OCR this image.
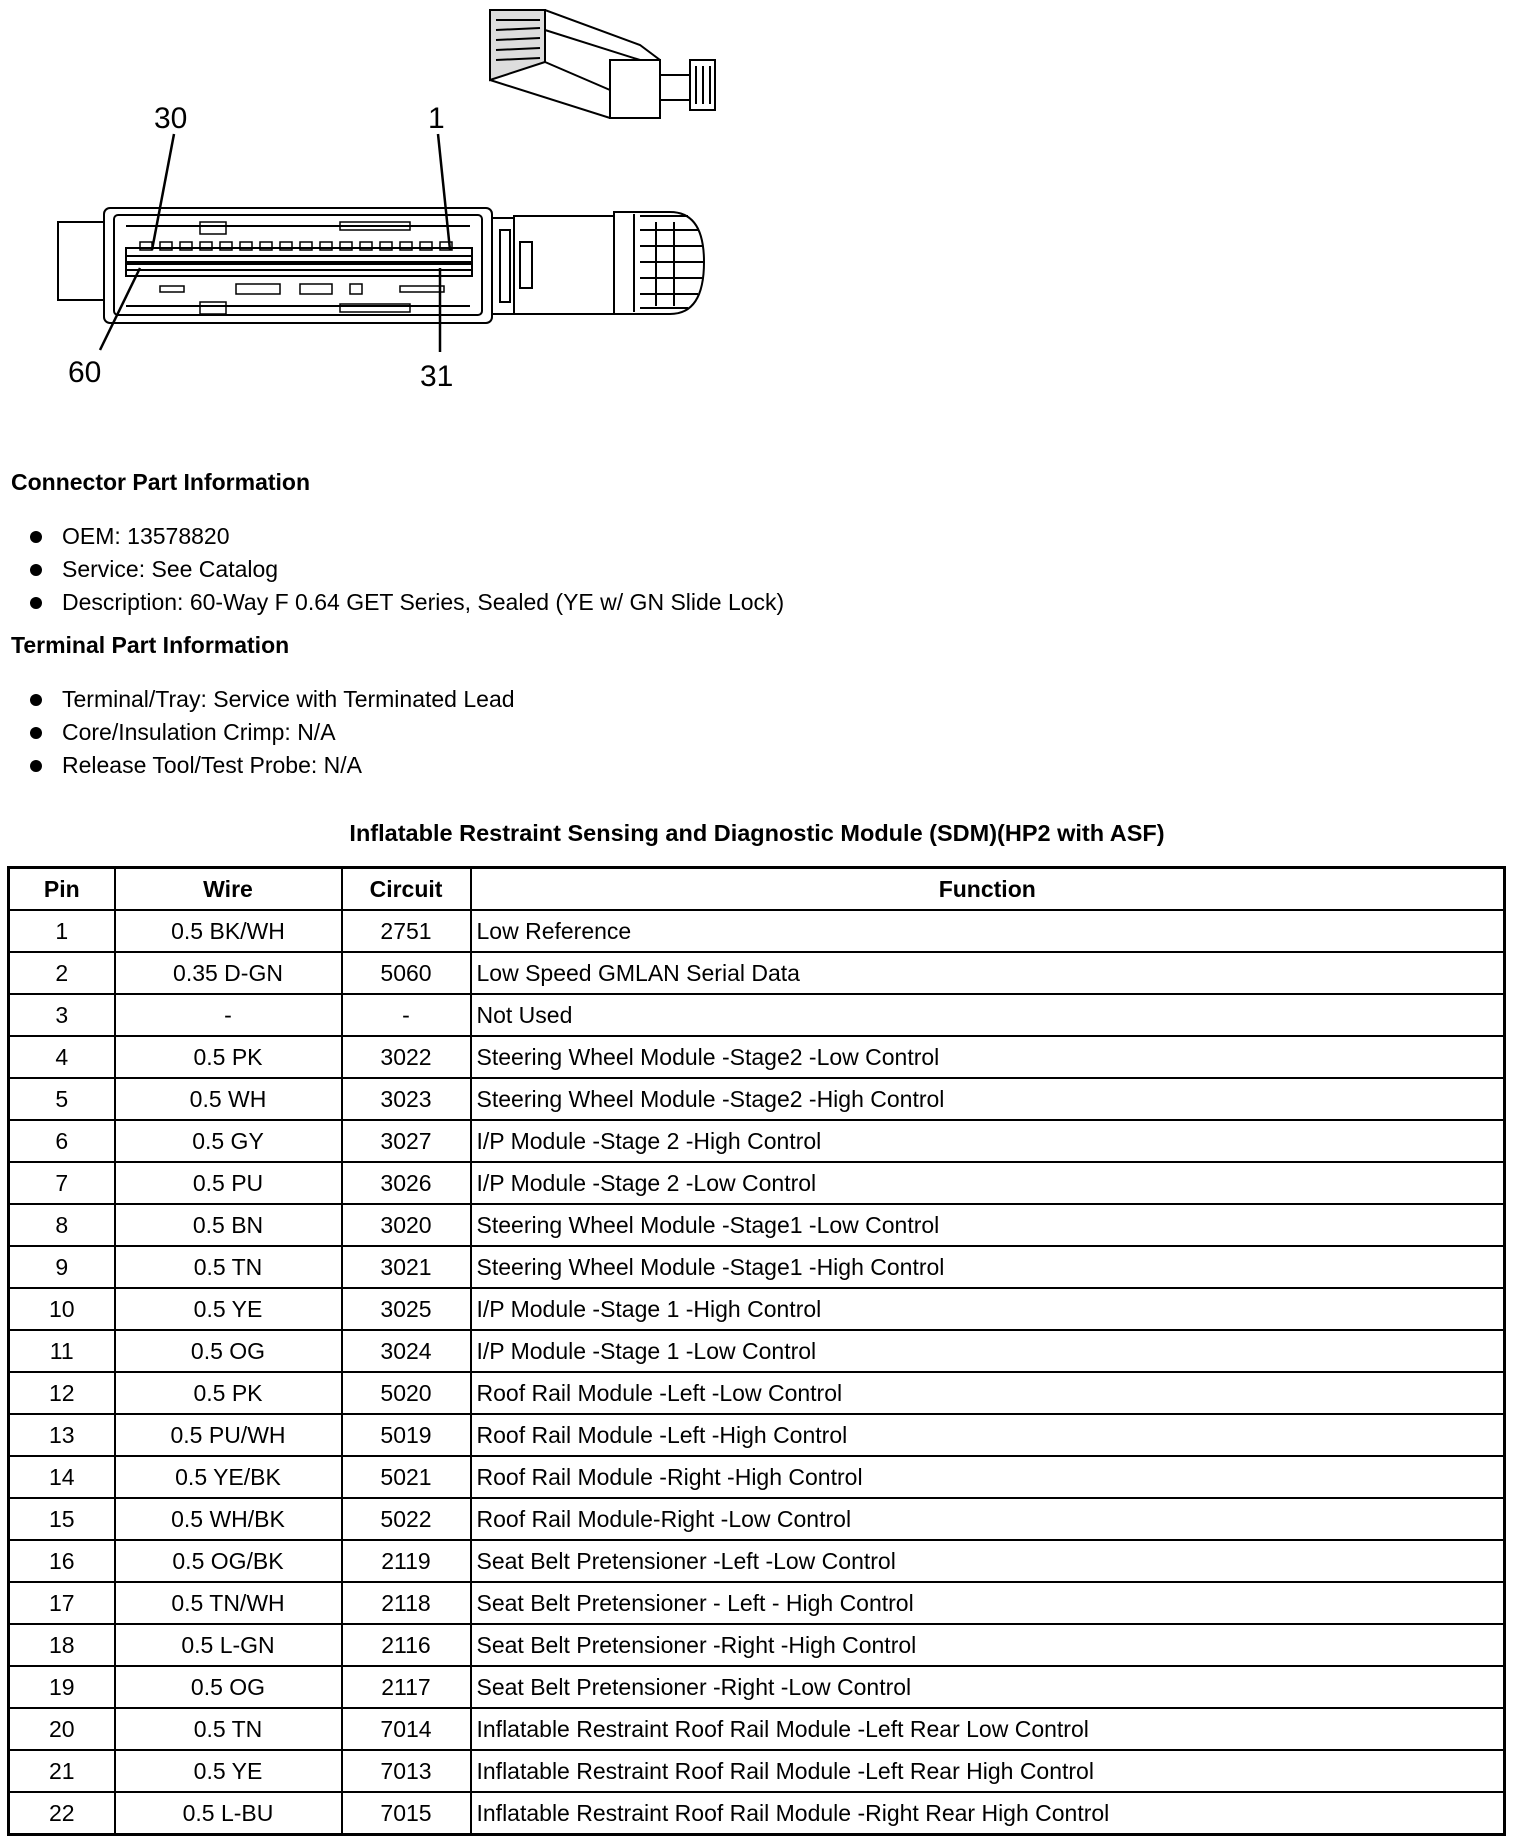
30	1
60	31
Connector Part Information
OEM: 13578820
Service: See Catalog
Description: 60-Way F 0.64 GET Series, Sealed (YE w/ GN Slide Lock)
Terminal Part Information
Terminal/Tray: Service with Terminated Lead
Core/Insulation Crimp: N/A
Release Tool/Test Probe: N/A
Inflatable Restraint Sensing and Diagnostic Module (SDM)(HP2 with ASF)
Pin	Wire	Circuit	Function
1	0.5 BK/WH	2751	Low Reference
2	0.35 D-GN	5060	Low Speed GMLAN Serial Data
3	-	-	Not Used
4	0.5 PK	3022	Steering Wheel Module -Stage2 -Low Control
5	0.5 WH	3023	Steering Wheel Module -Stage2 -High Control
6	0.5 GY	3027	I/P Module -Stage 2 -High Control
7	0.5 PU	3026	I/P Module -Stage 2 -Low Control
8	0.5 BN	3020	Steering Wheel Module -Stage1 -Low Control
9	0.5 TN	3021	Steering Wheel Module -Stage1 -High Control
10	0.5 YE	3025	I/P Module -Stage 1 -High Control
11	0.5 OG	3024	I/P Module -Stage 1 -Low Control
12	0.5 PK	5020	Roof Rail Module -Left -Low Control
13	0.5 PU/WH	5019	Roof Rail Module -Left -High Control
14	0.5 YE/BK	5021	Roof Rail Module -Right -High Control
15	0.5 WH/BK	5022	Roof Rail Module-Right -Low Control
16	0.5 OG/BK	2119	Seat Belt Pretensioner -Left -Low Control
17	0.5 TN/WH	2118	Seat Belt Pretensioner - Left - High Control
18	0.5 L-GN	2116	Seat Belt Pretensioner -Right -High Control
19	0.5 OG	2117	Seat Belt Pretensioner -Right -Low Control
20	0.5 TN	7014	Inflatable Restraint Roof Rail Module -Left Rear Low Control
21	0.5 YE	7013	Inflatable Restraint Roof Rail Module -Left Rear High Control
22	0.5 L-BU	7015	Inflatable Restraint Roof Rail Module -Right Rear High Control
